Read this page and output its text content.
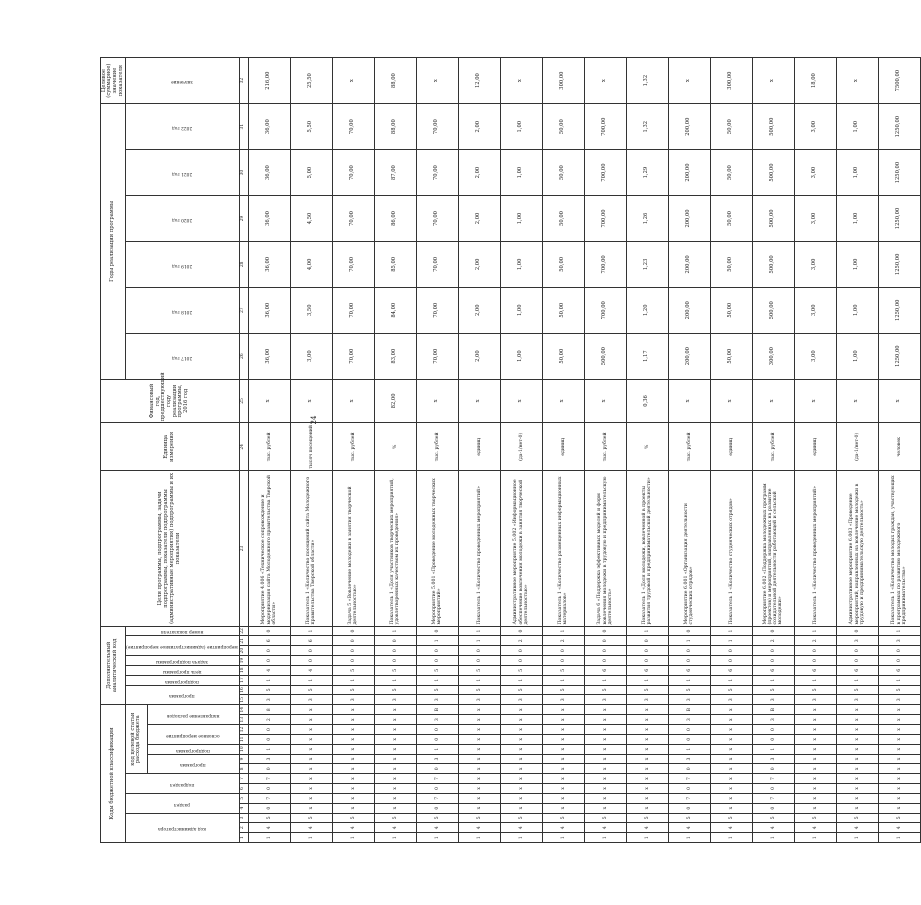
24
Коды бюджетной классификации														Дополнительный аналитический код								Цели программы, подпрограммы, задачи подпрограммы, показатели подпрограммы (административные мероприятия) подпрограммы и их показатели	Единица измерения	Финансовый год, предшествующий году реализации программы, 2016 год	Годы реализации программы						Целевое (суммарное) значение показателя

код администратора			раздел		подраздел		код целевой статьи расхода бюджета							программа		подпрограмма	цель программы	задача подпрограммы	мероприятие (административное мероприятие)		номер показателя				2017 год	2018 год	2019 год	2020 год	2021 год	2022 год	значение

							программа		подпрограмма	основное мероприятие		направление расходов																			

1	2	3	4	5	6	7	8	9	10	11	12	13	14	15	16	17	18	19	20	21	22	23	24	25	26	27	28	29	30	31	32
1	4	5	0	7	0	7	0	3	1	0	0	2	8	3	5	1	4	0	0	6	0	Мероприятие 4.006 «Техническое сопровождение и модернизация сайта Молодежного правительства Тверской области»	тыс. рублей	x	36,00	36,00	36,00	36,00	36,00	36,00	216,00
1	4	5	x	x	x	x	x	x	x	x	x	x	x	3	5	1	4	0	0	6	1	Показатель 1 «Количество посещений сайта Молодежного правительства Тверской области»	тысяч посещений	x	3,00	3,50	4,00	4,50	5,00	5,50	25,50
1	4	5	x	x	x	x	x	x	x	x	x	x	x	3	5	1	5	0	0	0	0	Задача 5 «Вовлечение молодежи в занятия творческой деятельностью»	тыс. рублей	x	70,00	70,00	70,00	70,00	70,00	70,00	x
1	4	5	x	x	x	x	x	x	x	x	x	x	x	3	5	1	5	0	0	0	1	Показатель 1 «Доля участников творческих мероприятий, удовлетворенных качеством их проведения»	%	82,00	83,00	84,00	85,00	86,00	87,00	88,00	88,00
1	4	5	0	7	0	7	0	3	1	0	0	3	B	3	5	1	5	0	0	1	0	Мероприятие 5.001 «Проведение молодежных творческих мероприятий»	тыс. рублей	x	70,00	70,00	70,00	70,00	70,00	70,00	x
1	4	5	x	x	x	x	x	x	x	x	x	x	x	3	5	1	5	0	0	1	1	Показатель 1 «Количество проведенных мероприятий»	единиц	x	2,00	2,00	2,00	2,00	2,00	2,00	12,00
1	4	5	x	x	x	x	x	x	x	x	x	x	x	3	5	1	5	0	0	2	0	Административное мероприятие 5.002 «Информационное обеспечение вовлечения молодежи в занятия творческой деятельностью»	(да-1/нет-0)	x	1,00	1,00	1,00	1,00	1,00	1,00	x
1	4	5	x	x	x	x	x	x	x	x	x	x	x	3	5	1	5	0	0	2	1	Показатель 1 «Количество размещенных информационных материалов»	единиц	x	50,00	50,00	50,00	50,00	50,00	50,00	300,00
1	4	5	x	x	x	x	x	x	x	x	x	x	x	3	5	1	6	0	0	0	0	Задача 6 «Поддержка эффективных моделей и форм вовлечения молодежи в трудовую и предпринимательскую деятельность»	тыс. рублей	x	500,00	700,00	700,00	700,00	700,00	700,00	x
1	4	5	x	x	x	x	x	x	x	x	x	x	x	3	5	1	6	0	0	0	1	Показатель 1 «Доля молодежи, вовлеченной в проекты развития трудовой и предпринимательской деятельности»	%	0,36	1,17	1,20	1,23	1,26	1,29	1,32	1,32
1	4	5	0	7	0	7	0	3	1	0	0	3	B	3	5	1	6	0	0	1	0	Мероприятие 6.001 «Организация деятельности студенческих отрядов»	тыс. рублей	x	200,00	200,00	200,00	200,00	200,00	200,00	x
1	4	5	x	x	x	x	x	x	x	x	x	x	x	3	5	1	6	0	0	1	1	Показатель 1 «Количество студенческих отрядов»	единиц	x	50,00	50,00	50,00	50,00	50,00	50,00	300,00
1	4	5	0	7	0	7	0	3	1	0	0	3	B	3	5	1	6	0	0	2	0	Мероприятие 6.002 «Поддержка молодежных программ (проектов) и мероприятий, направленных на развитие созидательной деятельности работающей и сельской молодежи»	тыс. рублей	x	300,00	500,00	500,00	500,00	500,00	500,00	x
1	4	5	x	x	x	x	x	x	x	x	x	x	x	3	5	1	6	0	0	2	1	Показатель 1 «Количество проведенных мероприятий»	единиц	x	3,00	3,00	3,00	3,00	3,00	3,00	18,00
1	4	5	x	x	x	x	x	x	x	x	x	x	x	3	5	1	6	0	0	3	0	Административное мероприятие 6.003 «Проведение мероприятий, направленных на вовлечение молодежи в трудовую и предпринимательскую деятельность»	(да-1/нет-0)	x	1,00	1,00	1,00	1,00	1,00	1,00	x
1	4	5	x	x	x	x	x	x	x	x	x	x	x	3	5	1	6	0	0	3	1	Показатель 1 «Количество молодых граждан, участвующих в программах по развитию молодежного предпринимательства»	человек	x	1250,00	1250,00	1250,00	1250,00	1250,00	1250,00	7500,00
